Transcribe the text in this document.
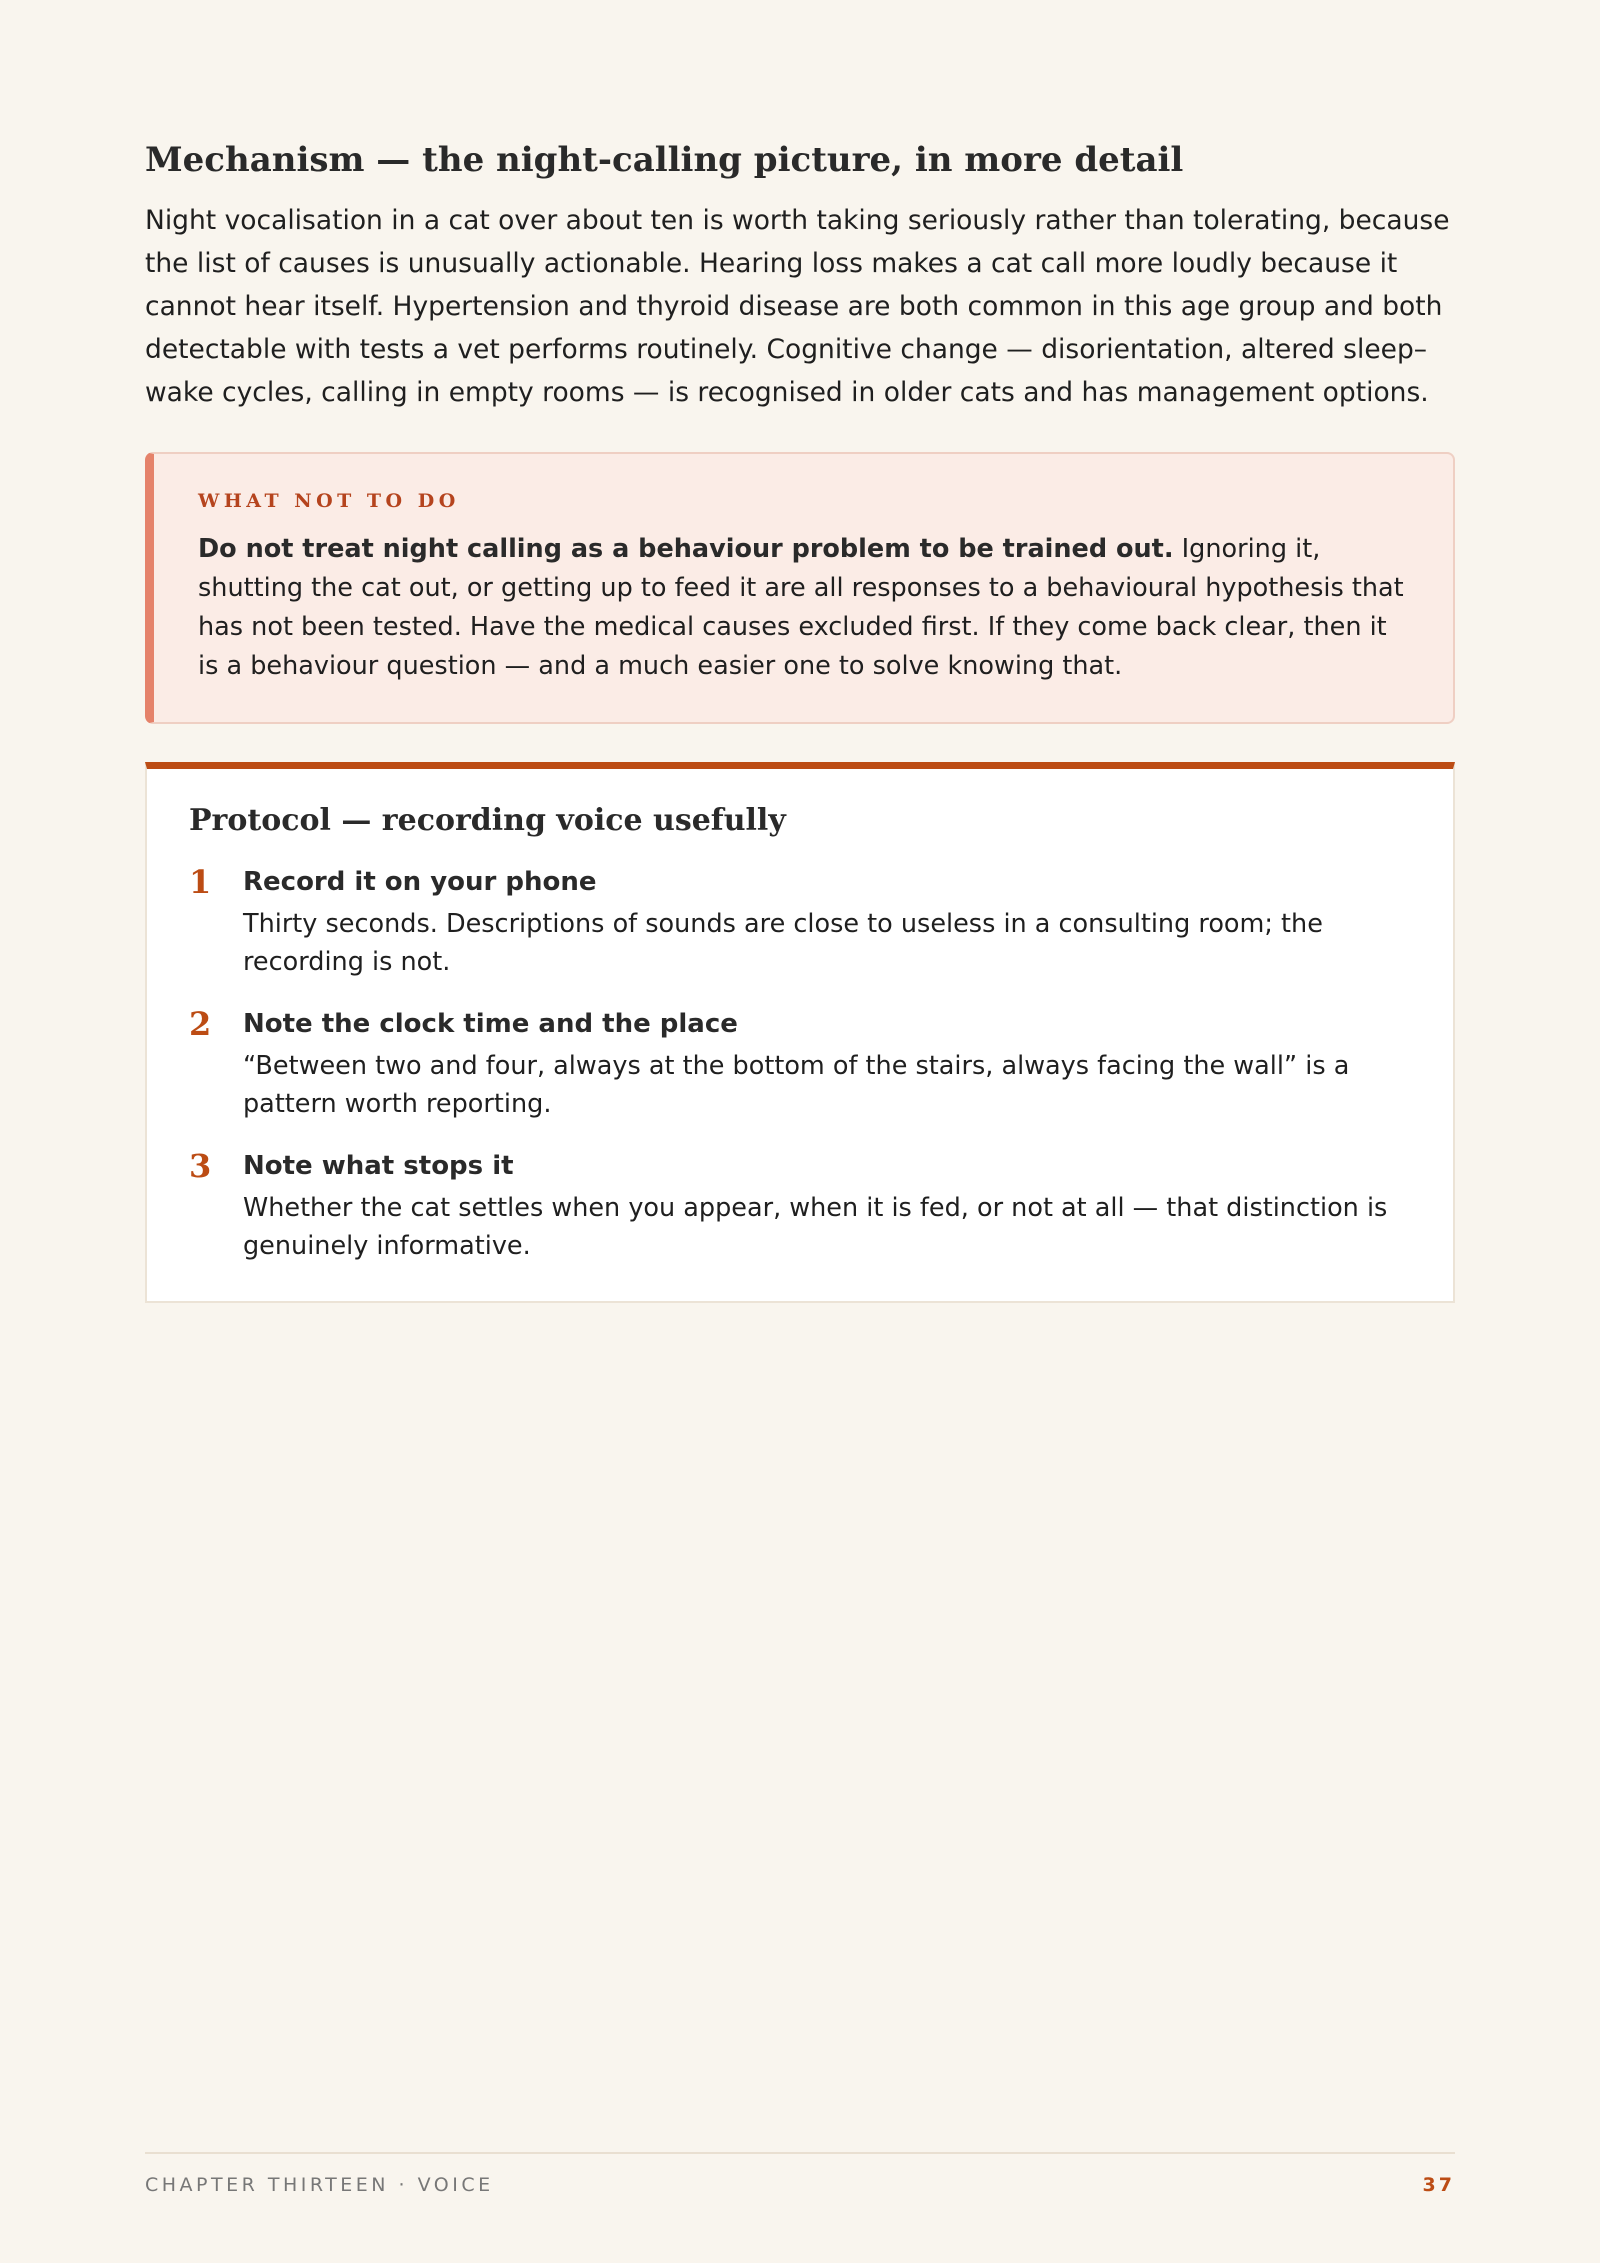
Mechanism — the night-calling picture, in more detail

Night vocalisation in a cat over about ten is worth taking seriously rather than tolerating, because the list of causes is unusually actionable. Hearing loss makes a cat call more loudly because it cannot hear itself. Hypertension and thyroid disease are both common in this age group and both detectable with tests a vet performs routinely. Cognitive change — disorientation, altered sleep–wake cycles, calling in empty rooms — is recognised in older cats and has management options.

WHAT NOT TO DO

Do not treat night calling as a behaviour problem to be trained out. Ignoring it, shutting the cat out, or getting up to feed it are all responses to a behavioural hypothesis that has not been tested. Have the medical causes excluded first. If they come back clear, then it is a behaviour question — and a much easier one to solve knowing that.

Protocol — recording voice usefully
1	Record it on your phone

Thirty seconds. Descriptions of sounds are close to useless in a consulting room; the recording is not.

2	Note the clock time and the place

“Between two and four, always at the bottom of the stairs, always facing the wall” is a pattern worth reporting.

3	Note what stops it

Whether the cat settles when you appear, when it is fed, or not at all — that distinction is genuinely informative.

CHAPTER THIRTEEN · VOICE	37
